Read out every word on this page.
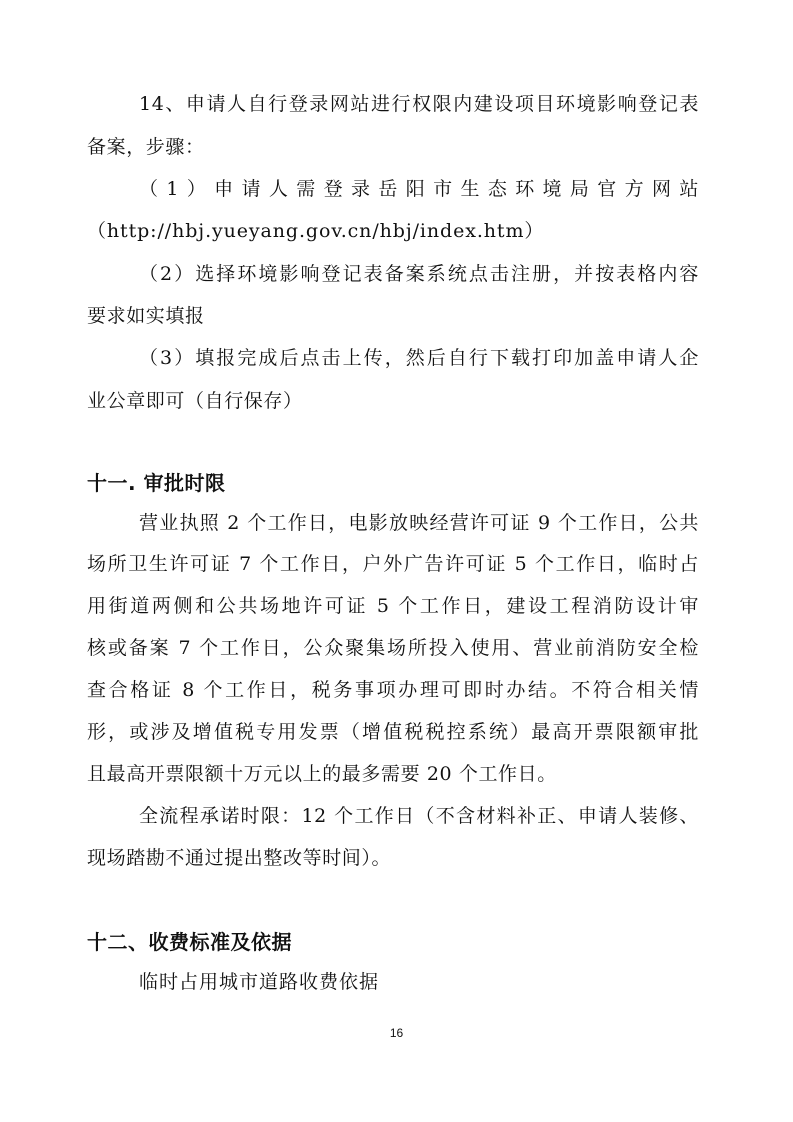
14、申请人自行登录网站进行权限内建设项目环境影响登记表
备案，步骤：
（1）申请人需登录岳阳市生态环境局官方网站
（http://hbj.yueyang.gov.cn/hbj/index.htm）
（2）选择环境影响登记表备案系统点击注册，并按表格内容
要求如实填报
（3）填报完成后点击上传，然后自行下载打印加盖申请人企
业公章即可（自行保存）
十一. 审批时限
营业执照 2 个工作日，电影放映经营许可证 9 个工作日，公共
场所卫生许可证 7 个工作日，户外广告许可证 5 个工作日，临时占
用街道两侧和公共场地许可证 5 个工作日，建设工程消防设计审
核或备案 7 个工作日，公众聚集场所投入使用、营业前消防安全检
查合格证 8 个工作日，税务事项办理可即时办结。不符合相关情
形，或涉及增值税专用发票（增值税税控系统）最高开票限额审批
且最高开票限额十万元以上的最多需要 20 个工作日。
全流程承诺时限：12 个工作日（不含材料补正、申请人装修、
现场踏勘不通过提出整改等时间）。
十二、收费标准及依据
临时占用城市道路收费依据
16
